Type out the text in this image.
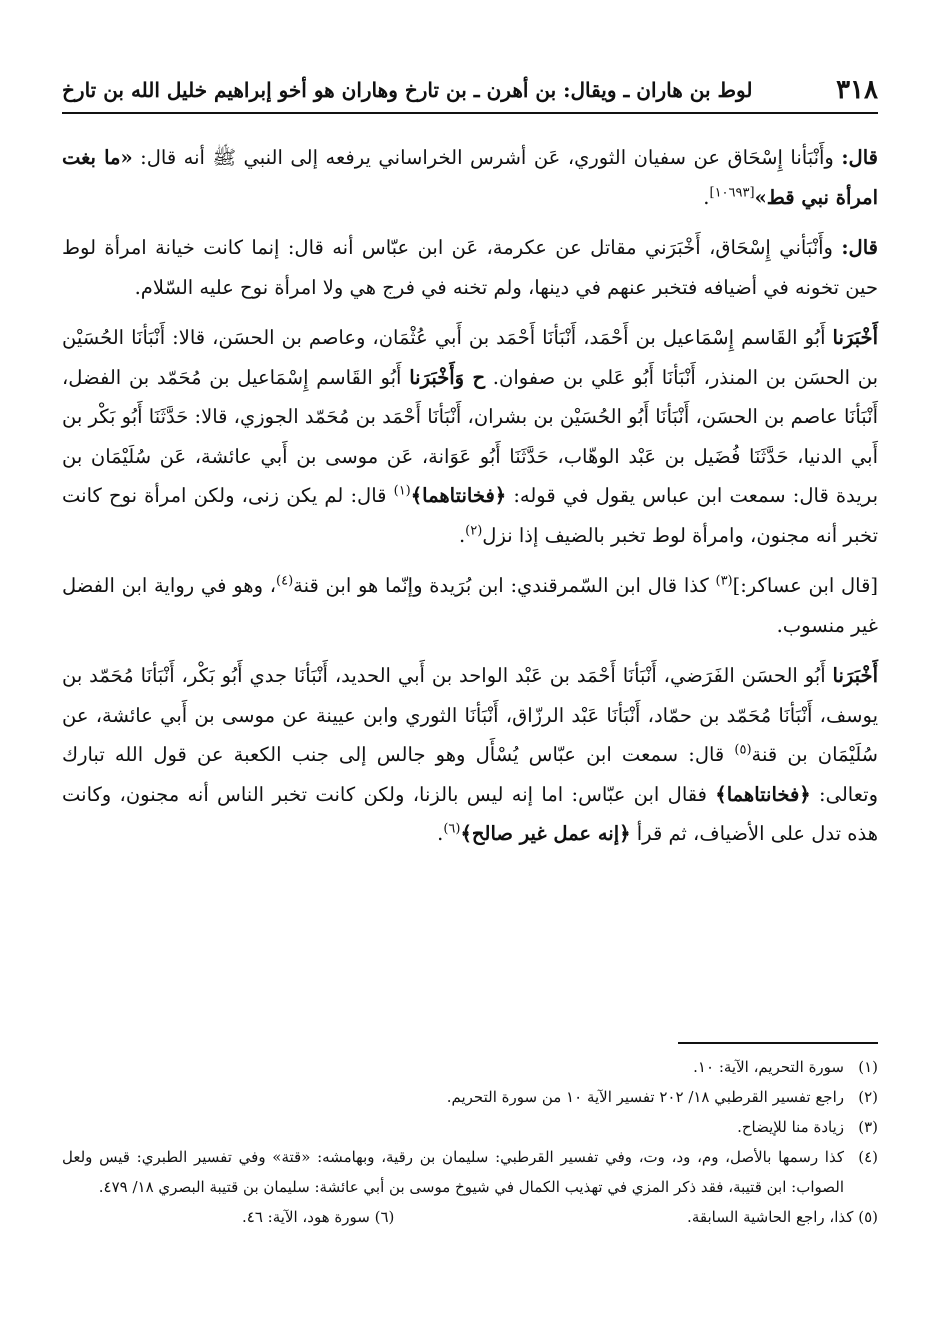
٣١٨
لوط بن هاران ـ ويقال: بن أهرن ـ بن تارخ وهاران هو أخو إبراهيم خليل الله بن تارخ

قال: وأَنْبَأنا إِسْحَاق عن سفيان الثوري، عَن أشرس الخراساني يرفعه إلى النبي ﷺ أنه قال: «ما بغت امرأة نبي قط»[١٠٦٩٣].

قال: وأَنْبَأني إِسْحَاق، أَخْبَرَني مقاتل عن عكرمة، عَن ابن عبّاس أنه قال: إنما كانت خيانة امرأة لوط حين تخونه في أضيافه فتخبر عنهم في دينها، ولم تخنه في فرج هي ولا امرأة نوح عليه السّلام.

أَخْبَرَنا أَبُو القَاسم إِسْمَاعيل بن أَحْمَد، أَنْبَأنَا أَحْمَد بن أَبي عُثْمَان، وعاصم بن الحسَن، قالا: أَنْبَأنَا الحُسَيْن بن الحسَن بن المنذر، أَنْبَأنَا أَبُو عَلي بن صفوان. ح وَأَخْبَرَنا أَبُو القَاسم إِسْمَاعيل بن مُحَمّد بن الفضل، أَنْبَأنَا عاصم بن الحسَن، أَنْبَأنَا أَبُو الحُسَيْن بن بشران، أَنْبَأنَا أَحْمَد بن مُحَمّد الجوزي، قالا: حَدَّثَنَا أَبُو بَكْر بن أَبي الدنيا، حَدَّثَنَا فُضَيل بن عَبْد الوهّاب، حَدَّثَنَا أَبُو عَوَانة، عَن موسى بن أَبي عائشة، عَن سُلَيْمَان بن بريدة قال: سمعت ابن عباس يقول في قوله: ﴿فخانتاهما﴾$^{(١)}$ قال: لم يكن زنى، ولكن امرأة نوح كانت تخبر أنه مجنون، وامرأة لوط تخبر بالضيف إذا نزل$^{(٢)}$.

[قال ابن عساكر:]$^{(٣)}$ كذا قال ابن السّمرقندي: ابن بُرَيدة وإنّما هو ابن قنة$^{(٤)}$، وهو في رواية ابن الفضل غير منسوب.

أَخْبَرَنا أَبُو الحسَن الفَرَضي، أَنْبَأنَا أَحْمَد بن عَبْد الواحد بن أَبي الحديد، أَنْبَأنَا جدي أَبُو بَكْر، أَنْبَأنَا مُحَمّد بن يوسف، أَنْبَأنَا مُحَمّد بن حمّاد، أَنْبَأنَا عَبْد الرزّاق، أَنْبَأنَا الثوري وابن عيينة عن موسى بن أَبي عائشة، عن سُلَيْمَان بن قنة$^{(٥)}$ قال: سمعت ابن عبّاس يُسْأَل وهو جالس إلى جنب الكعبة عن قول الله تبارك وتعالى: ﴿فخانتاهما﴾ فقال ابن عبّاس: اما إنه ليس بالزنا، ولكن كانت تخبر الناس أنه مجنون، وكانت هذه تدل على الأضياف، ثم قرأ ﴿إنه عمل غير صالح﴾$^{(٦)}$.

(١)
سورة التحريم، الآية: ١٠.
(٢)
راجع تفسير القرطبي ١٨/ ٢٠٢ تفسير الآية ١٠ من سورة التحريم.
(٣)
زيادة منا للإيضاح.
(٤)
كذا رسمها بالأصل، وم، ود، وت، وفي تفسير القرطبي: سليمان بن رقية، وبهامشه: «قتة» وفي تفسير الطبري: قيس ولعل الصواب: ابن قتيبة، فقد ذكر المزي في تهذيب الكمال في شيوخ موسى بن أبي عائشة: سليمان بن قتيبة البصري ١٨/ ٤٧٩.
(٥) كذا، راجع الحاشية السابقة.
(٦) سورة هود، الآية: ٤٦.
